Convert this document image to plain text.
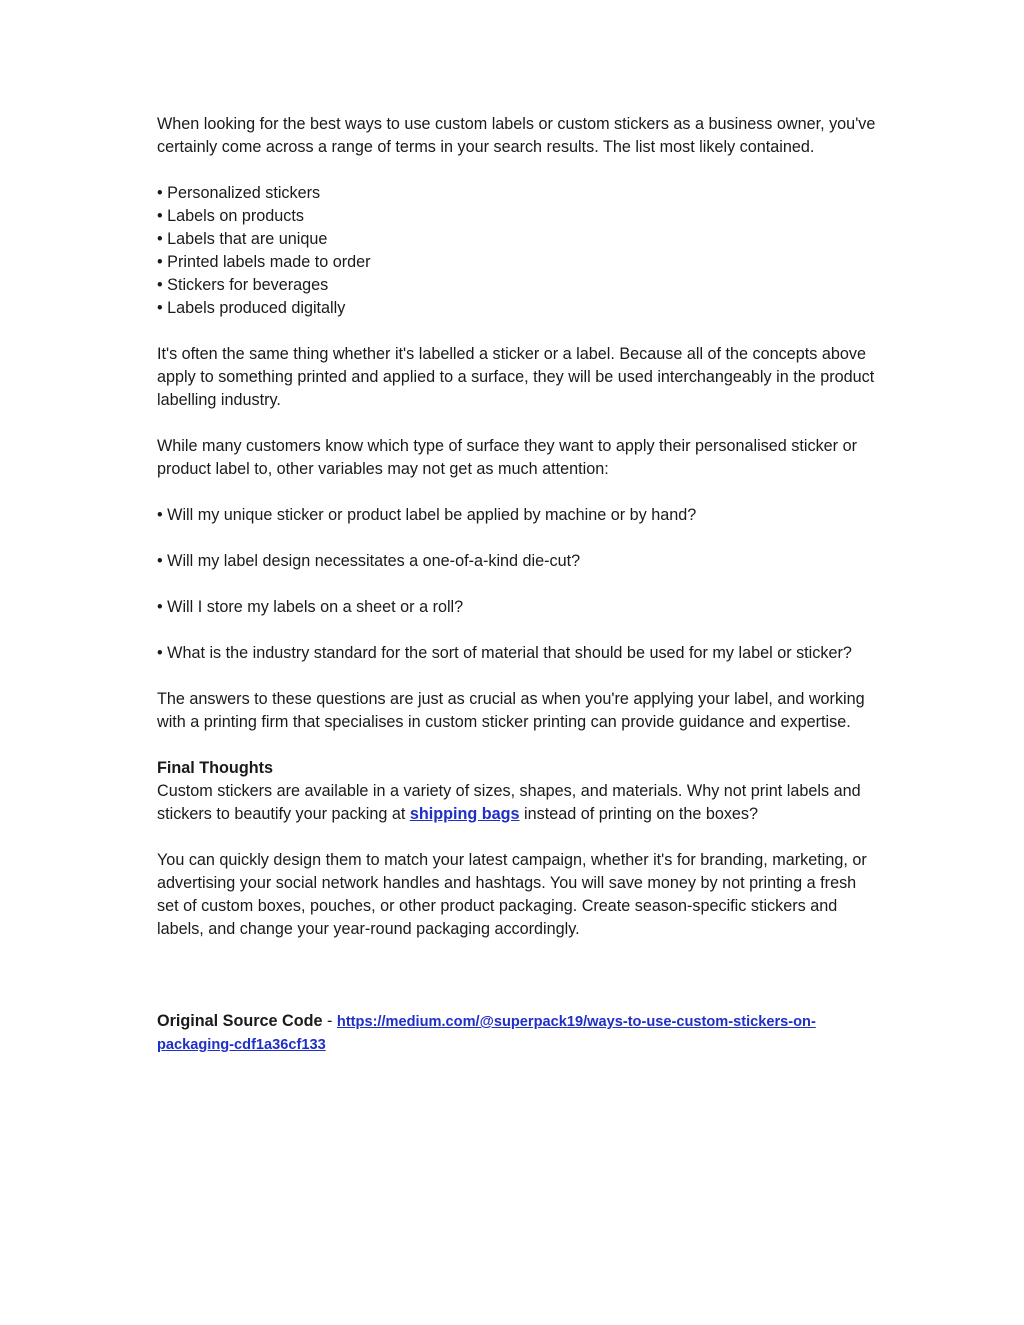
When looking for the best ways to use custom labels or custom stickers as a business owner, you've certainly come across a range of terms in your search results. The list most likely contained.

• Personalized stickers

• Labels on products

• Labels that are unique

• Printed labels made to order

• Stickers for beverages

• Labels produced digitally

It's often the same thing whether it's labelled a sticker or a label. Because all of the concepts above apply to something printed and applied to a surface, they will be used interchangeably in the product labelling industry.

While many customers know which type of surface they want to apply their personalised sticker or product label to, other variables may not get as much attention:

• Will my unique sticker or product label be applied by machine or by hand?

• Will my label design necessitates a one-of-a-kind die-cut?

• Will I store my labels on a sheet or a roll?

• What is the industry standard for the sort of material that should be used for my label or sticker?

The answers to these questions are just as crucial as when you're applying your label, and working with a printing firm that specialises in custom sticker printing can provide guidance and expertise.

Final Thoughts

Custom stickers are available in a variety of sizes, shapes, and materials. Why not print labels and stickers to beautify your packing at shipping bags instead of printing on the boxes?

You can quickly design them to match your latest campaign, whether it's for branding, marketing, or advertising your social network handles and hashtags. You will save money by not printing a fresh set of custom boxes, pouches, or other product packaging. Create season-specific stickers and labels, and change your year-round packaging accordingly.

Original Source Code - https://medium.com/@superpack19/ways-to-use-custom-stickers-on-packaging-cdf1a36cf133
